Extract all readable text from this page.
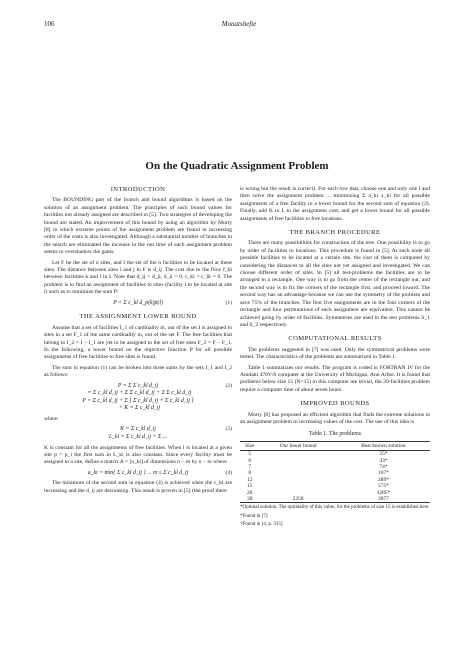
106	Monatshefte
On the Quadratic Assignment Problem
INTRODUCTION

The BOUNDING part of the branch and bound algorithms is based on the solution of an assignment problem. The principles of such bound values for facilities not already assigned are described in [5]. Two strategies of developing the bound are stated. An improvement of this bound by using an algorithm by Murty [8] in which extreme points of the assignment problem are found in increasing order of the costs is also investigated. Although a substantial number of branches in the search are eliminated the increase in the run time of each assignment problem seems to overshadow the gains.

Let F be the set of n sites, and I the set of the n facilities to be located at these sites. The distance between sites i and j in F is d_ij. The cost due to the flow f_kl between facilities k and l in I. Note that d_ij = d_ji, d_ii = 0, c_kl = c_lk = 0. The problem is to find an assignment of facilities to sites (facility l to be located at site i) such as to minimize the sum P:

P = Σ c_kl d_p(k)p(l)	(1)
THE ASSIGNMENT LOWER BOUND

Assume that a set of facilities I_1 of cardinality m, out of the set I is assigned to sites in a set F_1 of the same cardinality m, out of the set F. The free facilities that belong to I_2 = I − I_1 are yet to be assigned to the set of free sites F_2 = F − F_1. In the following, a lower bound on the objective function P for all possible assignments of free facilities to free sites is found.

The sum in equation (1) can be broken into three sums by the sets I_1 and I_2 as follows:

P = Σ Σ c_kl d_ij
= Σ c_kl d_ij + Σ Σ c_kl d_ij + Σ Σ c_kl d_ij
P = Σ c_kl d_ij + Σ [ Σ c_kl d_ij + Σ c_kl d_ij ]
+ K = Σ c_kl d_ij
(2)

where

K = Σ c_kl d_ij
L_ki = Σ c_kl d_ij + Σ ...
(3)

K is constant for all the assignments of free facilities. When l is located at a given site p = p_l the first sum in L_ki is also constant. Since every facility must be assigned to a site, define a matrix A = [a_ki] of dimensions n − m by n − m where

a_ki = min{ Σ c_kl d_ij } ... m ≤ Σ c_kl d_ij	(4)

The minimum of the second sum in equation (4) is achieved when the c_kl are increasing and the d_ij are decreasing. This result is proven in [5] (the proof there

is wrong but the result is correct). For each row that, choose one and only one l and then solve the assignment problem ... minimizing Σ a_ki x_ki for all possible assignments of a free facility to a lower bound for the second sum of equation (2). Finally, add K to L to the assignment cost, and get a lower bound for all possible assignments of free facilities to free locations.

THE BRANCH PROCEDURE

There are many possibilities for construction of the tree. One possibility is to go by order of facilities to locations. This procedure is found in [5]. At each node all possible facilities to be located at a certain site, the cost of them is computed by considering the distances to all the sites not yet assigned and investigated. We can choose different order of sites. In [5] all test-problems the facilities are to be arranged in a rectangle. One way is to go from the center of the rectangle out, and the second way is to fix the corners of the rectangle first, and proceed inward. The second way has an advantage because we can use the symmetry of the problem and save 75% of the branches. The first five assignments are in the four corners of the rectangle and four permutations of each assignment are equivalent. This cannot be achieved going by order of facilities. Symmetries are used in the test problems S_1 and S_2 respectively.

COMPUTATIONAL RESULTS

The problems suggested in [7] was used. Only the symmetrical problems were tested. The characteristics of the problems are summarized in Table 1.

Table 1 summarizes our results. The program is coded in FORTRAN IV for the Amdahl 470V/6 computer at the University of Michigan, Ann Arbor. It is found that problems below size 15 (N=15) in this computer are trivial, the 20-facilities problem require a computer time of about seven hours.

IMPROVED BOUNDS

Murty [8] has proposed an efficient algorithm that finds the extreme solutions to an assignment problem in increasing values of the cost. The use of this idea is

Table 1. The problems
Size	Our lower bound	Best known solution
5		25*
6		43*
7		74*
8		107*
12		289*
15		575*
20		1285*
30	2258	3077
*Optimal solution. The optimality of this value, for the problems of size 15 is established here
*Found in [7]
†Found in [4, p. 315]
